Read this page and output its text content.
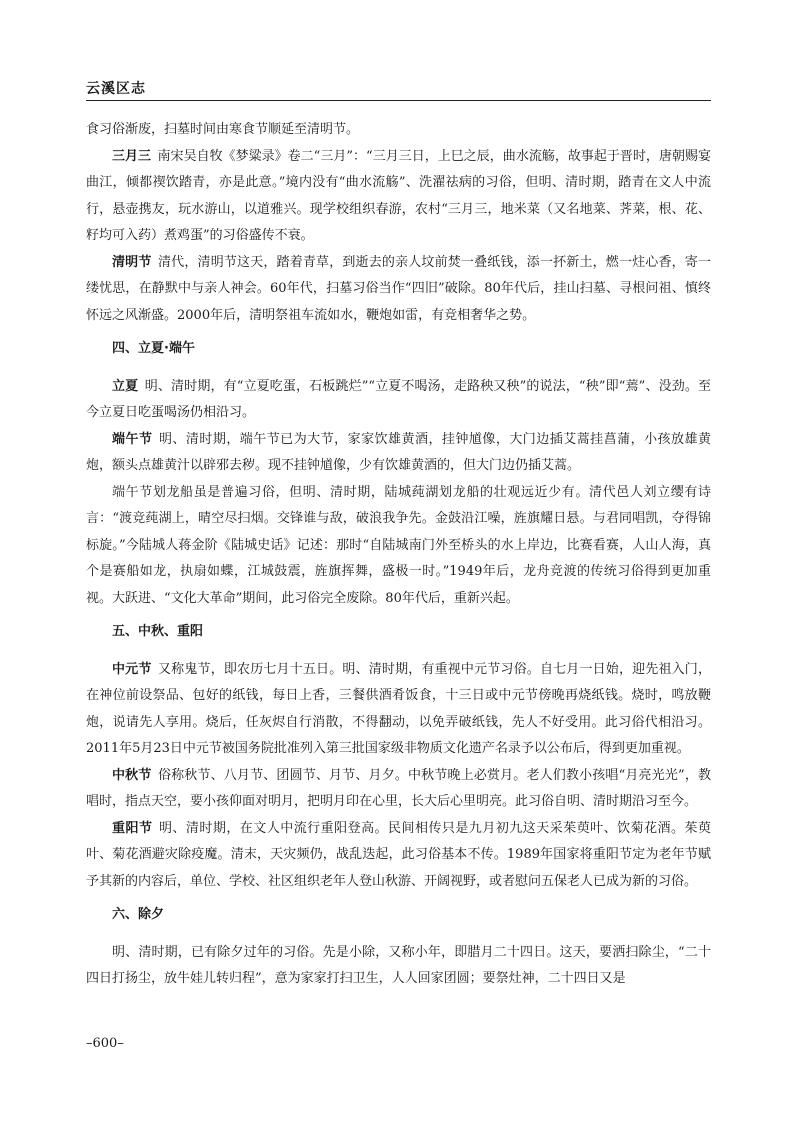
云溪区志

食习俗渐废，扫墓时间由寒食节顺延至清明节。

三月三 南宋吴自牧《梦粱录》卷二“三月”：“三月三日，上巳之辰，曲水流觞，故事起于晋时，唐朝赐宴曲江，倾都禊饮踏青，亦是此意。”境内没有“曲水流觞”、洗濯祛病的习俗，但明、清时期，踏青在文人中流行，悬壶携友，玩水游山，以道雅兴。现学校组织春游，农村“三月三，地米菜（又名地菜、荠菜，根、花、籽均可入药）煮鸡蛋”的习俗盛传不衰。

清明节 清代，清明节这天，踏着青草，到逝去的亲人坟前焚一叠纸钱，添一抔新土，燃一炷心香，寄一缕忧思，在静默中与亲人神会。60年代，扫墓习俗当作“四旧”破除。80年代后，挂山扫墓、寻根问祖、慎终怀远之风渐盛。2000年后，清明祭祖车流如水，鞭炮如雷，有竞相奢华之势。

四、立夏·端午

立夏 明、清时期，有“立夏吃蛋，石板跳烂”“立夏不喝汤，走路秧又秧”的说法，“秧”即“蔫”、没劲。至今立夏日吃蛋喝汤仍相沿习。

端午节 明、清时期，端午节已为大节，家家饮雄黄酒，挂钟馗像，大门边插艾蒿挂菖蒲，小孩放雄黄炮，额头点雄黄汁以辟邪去秽。现不挂钟馗像，少有饮雄黄酒的，但大门边仍插艾蒿。

端午节划龙船虽是普遍习俗，但明、清时期，陆城莼湖划龙船的壮观远近少有。清代邑人刘立缨有诗言：“渡竞莼湖上，晴空尽扫烟。交锋谁与敌，破浪我争先。金鼓沿江噪，旌旗耀日悬。与君同唱凯，夺得锦标旋。”今陆城人蒋金阶《陆城史话》记述：那时“自陆城南门外至桥头的水上岸边，比赛看赛，人山人海，真个是赛船如龙，执扇如蝶，江城鼓震，旌旗挥舞，盛极一时。”1949年后，龙舟竞渡的传统习俗得到更加重视。大跃进、“文化大革命”期间，此习俗完全废除。80年代后，重新兴起。

五、中秋、重阳

中元节 又称鬼节，即农历七月十五日。明、清时期，有重视中元节习俗。自七月一日始，迎先祖入门，在神位前设祭品、包好的纸钱，每日上香，三餐供酒肴饭食，十三日或中元节傍晚再烧纸钱。烧时，鸣放鞭炮，说请先人享用。烧后，任灰烬自行消散，不得翻动，以免弄破纸钱，先人不好受用。此习俗代相沿习。2011年5月23日中元节被国务院批准列入第三批国家级非物质文化遗产名录予以公布后，得到更加重视。

中秋节 俗称秋节、八月节、团圆节、月节、月夕。中秋节晚上必赏月。老人们教小孩唱“月亮光光”，教唱时，指点天空，要小孩仰面对明月，把明月印在心里，长大后心里明亮。此习俗自明、清时期沿习至今。

重阳节 明、清时期，在文人中流行重阳登高。民间相传只是九月初九这天采茱萸叶、饮菊花酒。茱萸叶、菊花酒避灾除疫魔。清末，天灾频仍，战乱迭起，此习俗基本不传。1989年国家将重阳节定为老年节赋予其新的内容后，单位、学校、社区组织老年人登山秋游、开阔视野，或者慰问五保老人已成为新的习俗。

六、除夕

明、清时期，已有除夕过年的习俗。先是小除，又称小年，即腊月二十四日。这天，要洒扫除尘，“二十四日打扬尘，放牛娃儿转归程”，意为家家打扫卫生，人人回家团圆；要祭灶神，二十四日又是

–600–
